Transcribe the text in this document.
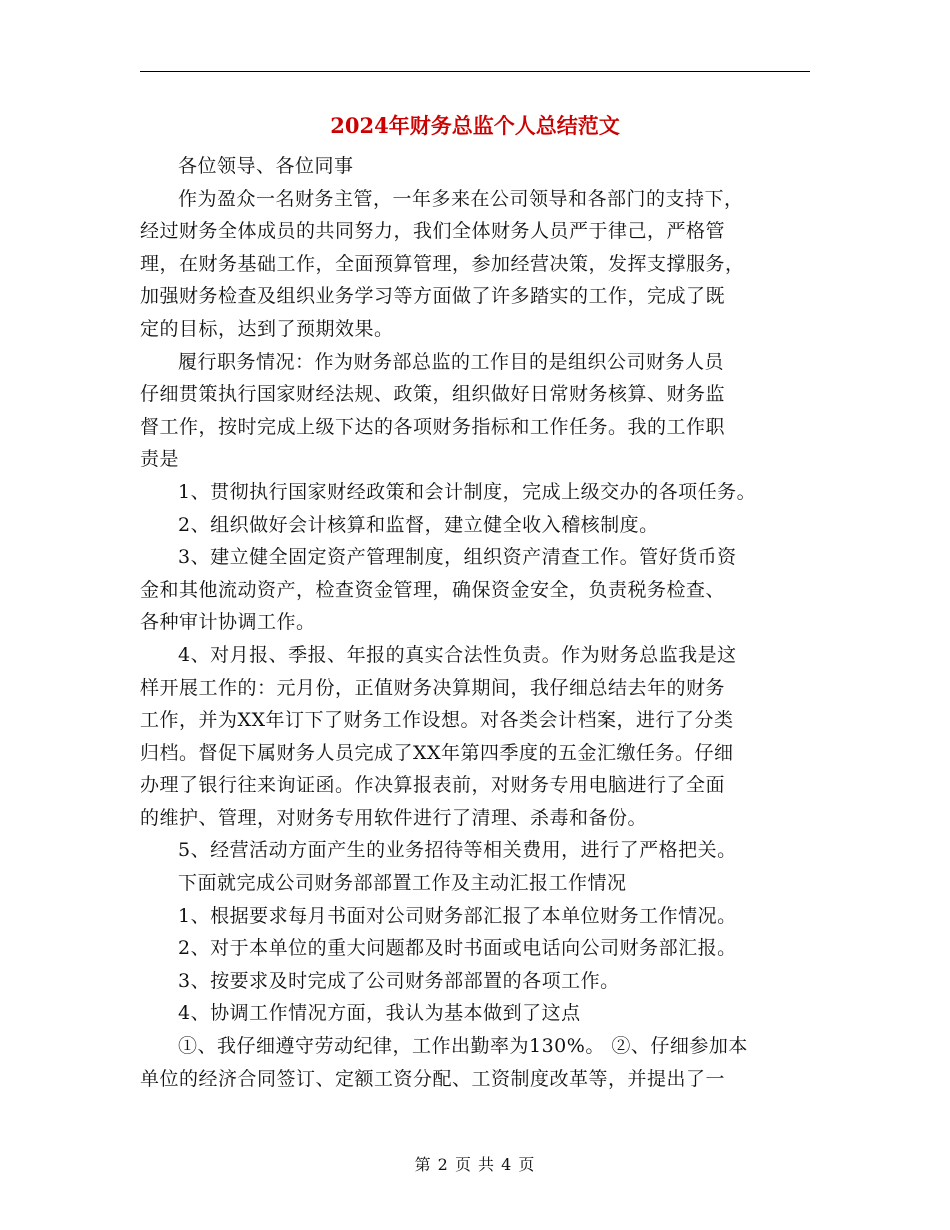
2024年财务总监个人总结范文

各位领导、各位同事

作为盈众一名财务主管，一年多来在公司领导和各部门的支持下，
经过财务全体成员的共同努力，我们全体财务人员严于律己，严格管
理，在财务基础工作，全面预算管理，参加经营决策，发挥支撑服务，
加强财务检查及组织业务学习等方面做了许多踏实的工作，完成了既
定的目标，达到了预期效果。

履行职务情况：作为财务部总监的工作目的是组织公司财务人员
仔细贯策执行国家财经法规、政策，组织做好日常财务核算、财务监
督工作，按时完成上级下达的各项财务指标和工作任务。我的工作职
责是

1、贯彻执行国家财经政策和会计制度，完成上级交办的各项任务。

2、组织做好会计核算和监督，建立健全收入稽核制度。

3、建立健全固定资产管理制度，组织资产清查工作。管好货币资
金和其他流动资产，检查资金管理，确保资金安全，负责税务检查、
各种审计协调工作。

4、对月报、季报、年报的真实合法性负责。作为财务总监我是这
样开展工作的：元月份，正值财务决算期间，我仔细总结去年的财务
工作，并为XX年订下了财务工作设想。对各类会计档案，进行了分类
归档。督促下属财务人员完成了XX年第四季度的五金汇缴任务。仔细
办理了银行往来询证函。作决算报表前，对财务专用电脑进行了全面
的维护、管理，对财务专用软件进行了清理、杀毒和备份。

5、经营活动方面产生的业务招待等相关费用，进行了严格把关。

下面就完成公司财务部部置工作及主动汇报工作情况

1、根据要求每月书面对公司财务部汇报了本单位财务工作情况。

2、对于本单位的重大问题都及时书面或电话向公司财务部汇报。

3、按要求及时完成了公司财务部部置的各项工作。

4、协调工作情况方面，我认为基本做到了这点

①、我仔细遵守劳动纪律，工作出勤率为130%。 ②、仔细参加本
单位的经济合同签订、定额工资分配、工资制度改革等，并提出了一

第 2 页 共 4 页
